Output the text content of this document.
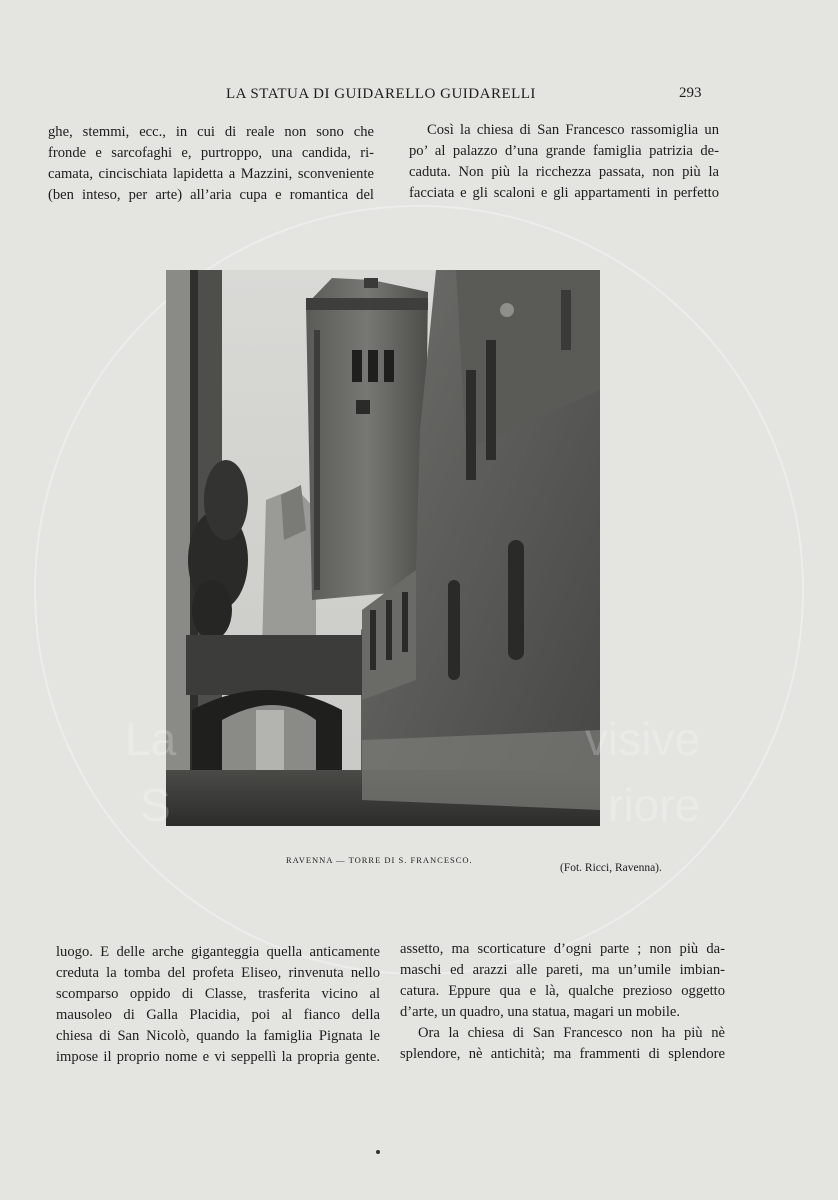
LA STATUA DI GUIDARELLO GUIDARELLI	293
ghe, stemmi, ecc., in cui di reale non sono che
fronde e sarcofaghi e, purtroppo, una candida, ri-
camata, cincischiata lapidetta a Mazzini, sconveniente
(ben inteso, per arte) all’aria cupa e romantica del
Così la chiesa di San Francesco rassomiglia un
po’ al palazzo d’una grande famiglia patrizia de-
caduta. Non più la ricchezza passata, non più la
facciata e gli scaloni e gli appartamenti in perfetto
La	visive
S	riore
RAVENNA — TORRE DI S. FRANCESCO.
(Fot. Ricci, Ravenna).
luogo. E delle arche giganteggia quella anticamente
creduta la tomba del profeta Eliseo, rinvenuta nello
scomparso oppido di Classe, trasferita vicino al
mausoleo di Galla Placidia, poi al fianco della
chiesa di San Nicolò, quando la famiglia Pignata le
impose il proprio nome e vi seppellì la propria gente.
assetto, ma scorticature d’ogni parte ; non più da-
maschi ed arazzi alle pareti, ma un’umile imbian-
catura. Eppure qua e là, qualche prezioso oggetto
d’arte, un quadro, una statua, magari un mobile.
Ora la chiesa di San Francesco non ha più nè
splendore, nè antichità; ma frammenti di splendore
